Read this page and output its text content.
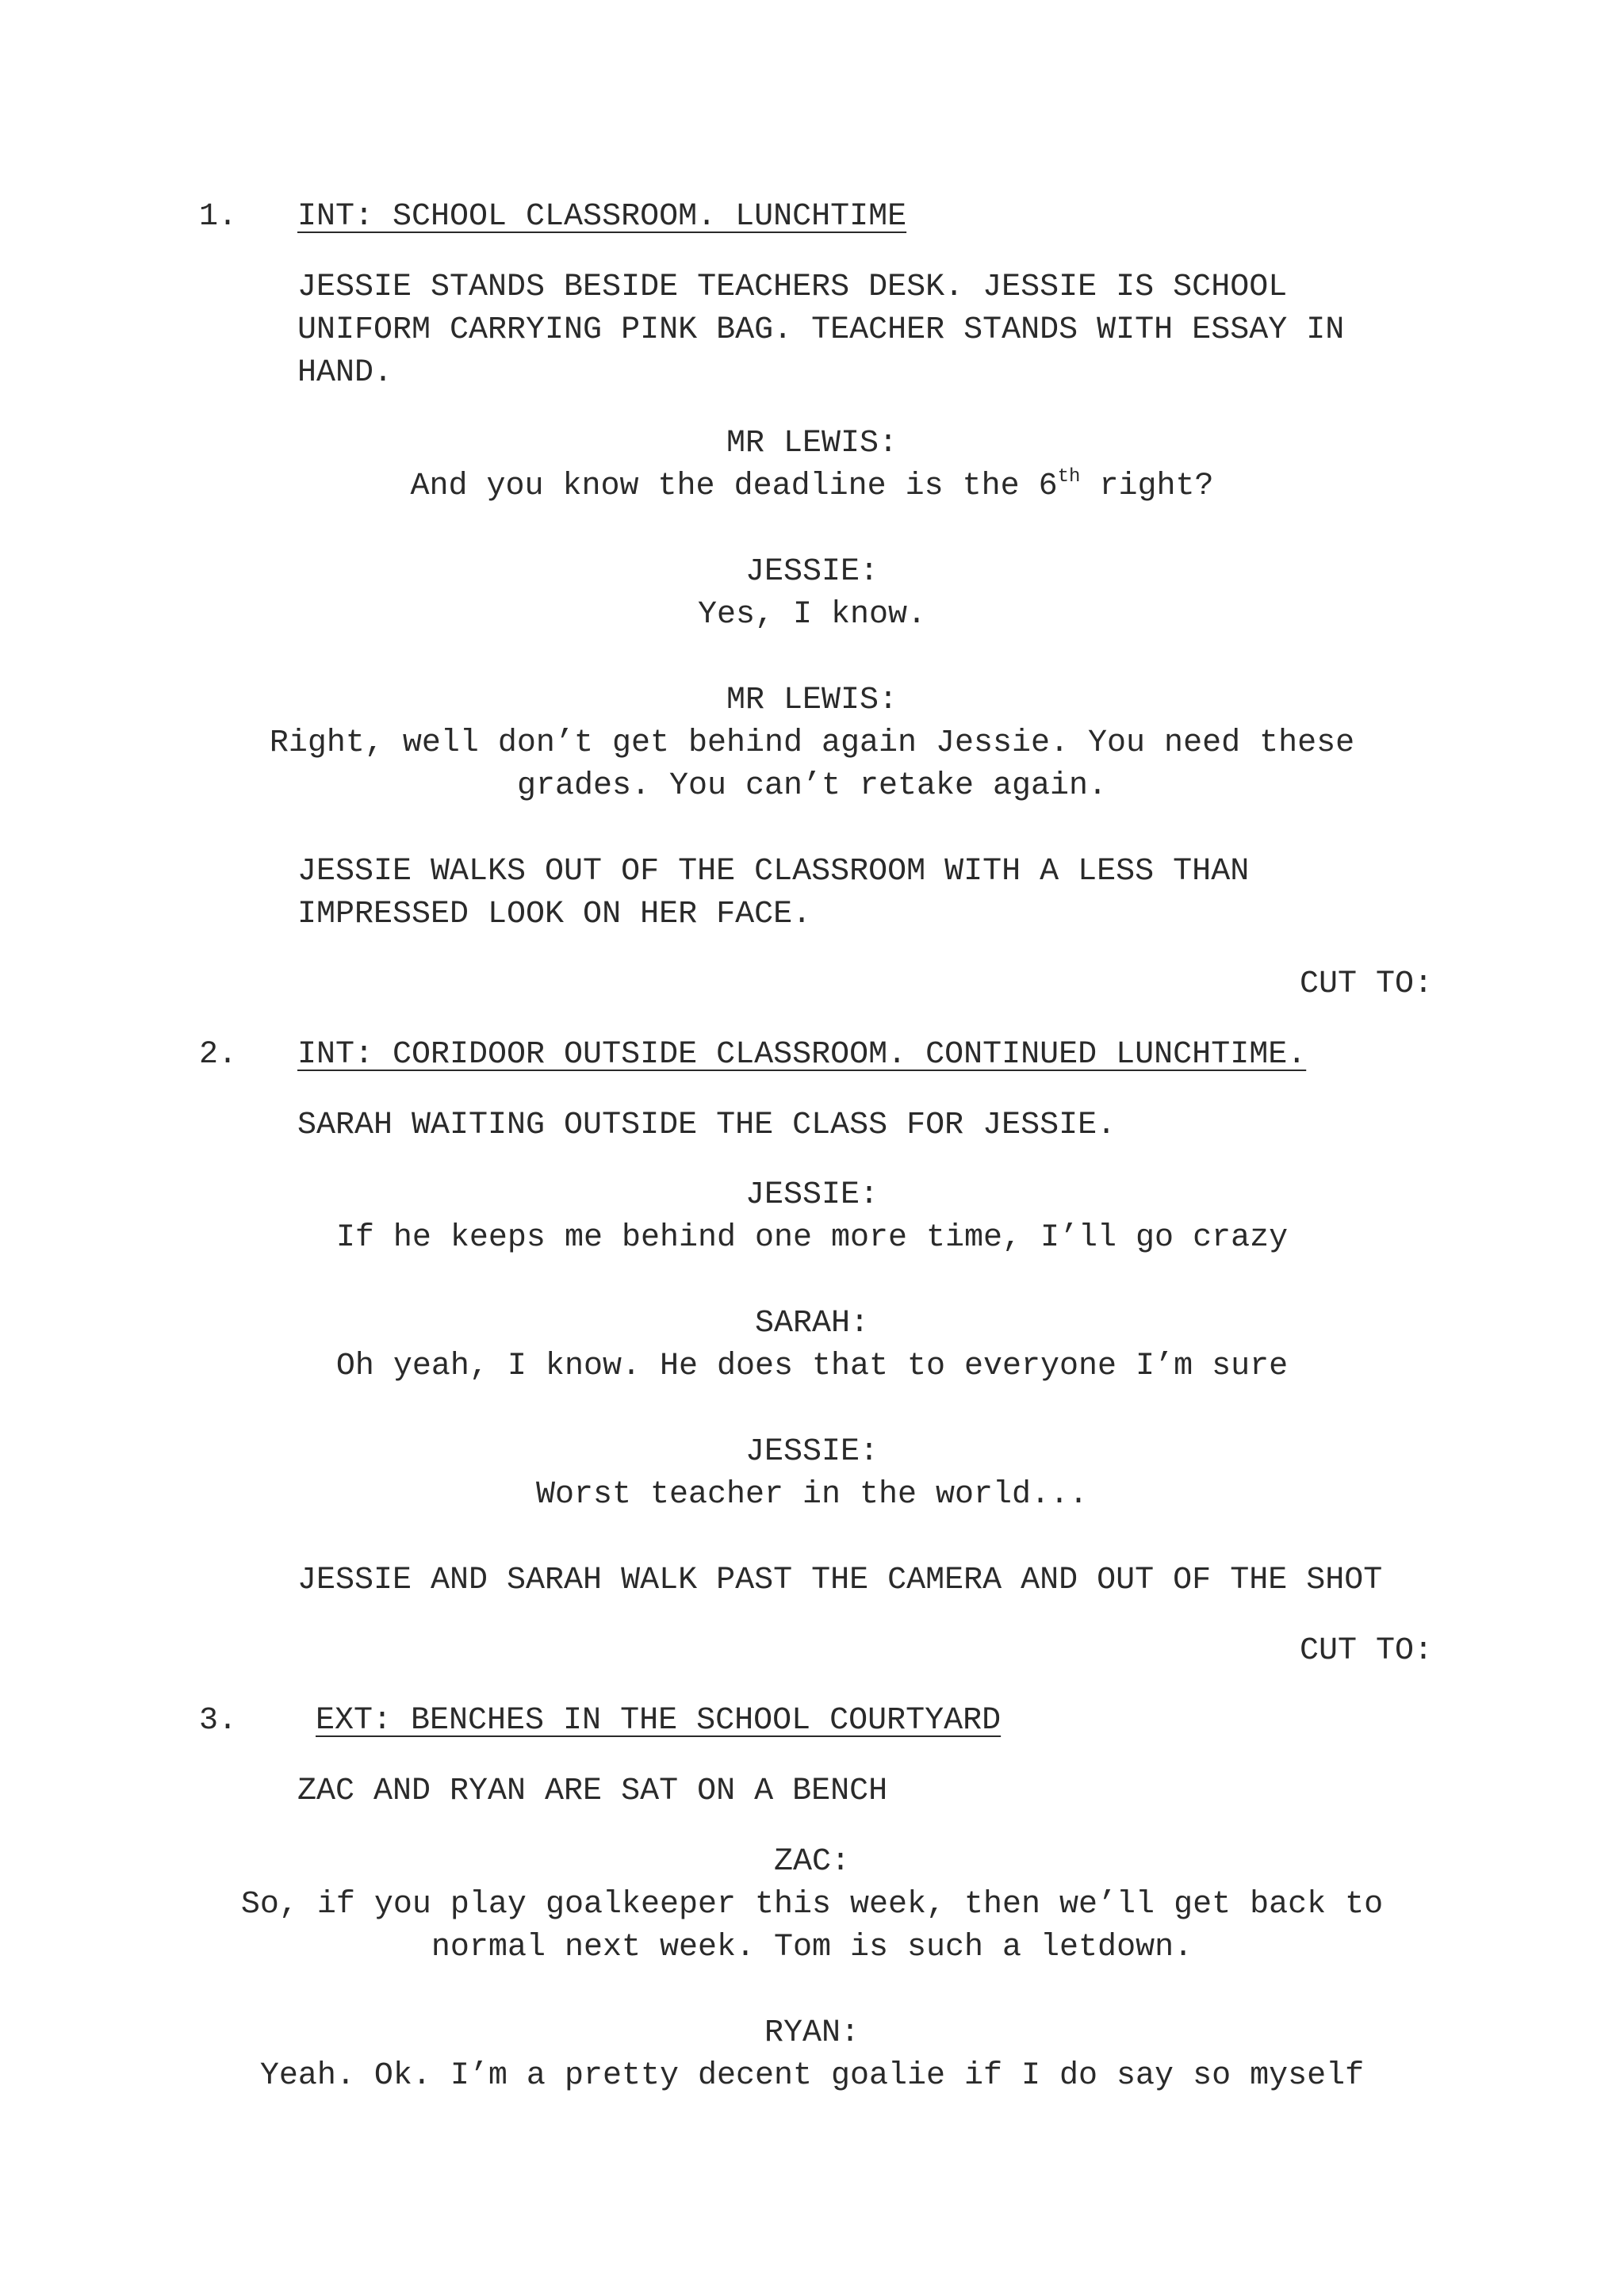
1. INT: SCHOOL CLASSROOM. LUNCHTIME
JESSIE STANDS BESIDE TEACHERS DESK. JESSIE IS SCHOOL
UNIFORM CARRYING PINK BAG. TEACHER STANDS WITH ESSAY IN
HAND.
MR LEWIS:
And you know the deadline is the 6th right?
JESSIE:
Yes, I know.
MR LEWIS:
Right, well don’t get behind again Jessie. You need these
grades. You can’t retake again.
JESSIE WALKS OUT OF THE CLASSROOM WITH A LESS THAN
IMPRESSED LOOK ON HER FACE.
CUT TO:
2. INT: CORIDOOR OUTSIDE CLASSROOM. CONTINUED LUNCHTIME.
SARAH WAITING OUTSIDE THE CLASS FOR JESSIE.
JESSIE:
If he keeps me behind one more time, I’ll go crazy
SARAH:
Oh yeah, I know. He does that to everyone I’m sure
JESSIE:
Worst teacher in the world...
JESSIE AND SARAH WALK PAST THE CAMERA AND OUT OF THE SHOT
CUT TO:
3. EXT: BENCHES IN THE SCHOOL COURTYARD
ZAC AND RYAN ARE SAT ON A BENCH
ZAC:
So, if you play goalkeeper this week, then we’ll get back to
normal next week. Tom is such a letdown.
RYAN:
Yeah. Ok. I’m a pretty decent goalie if I do say so myself
